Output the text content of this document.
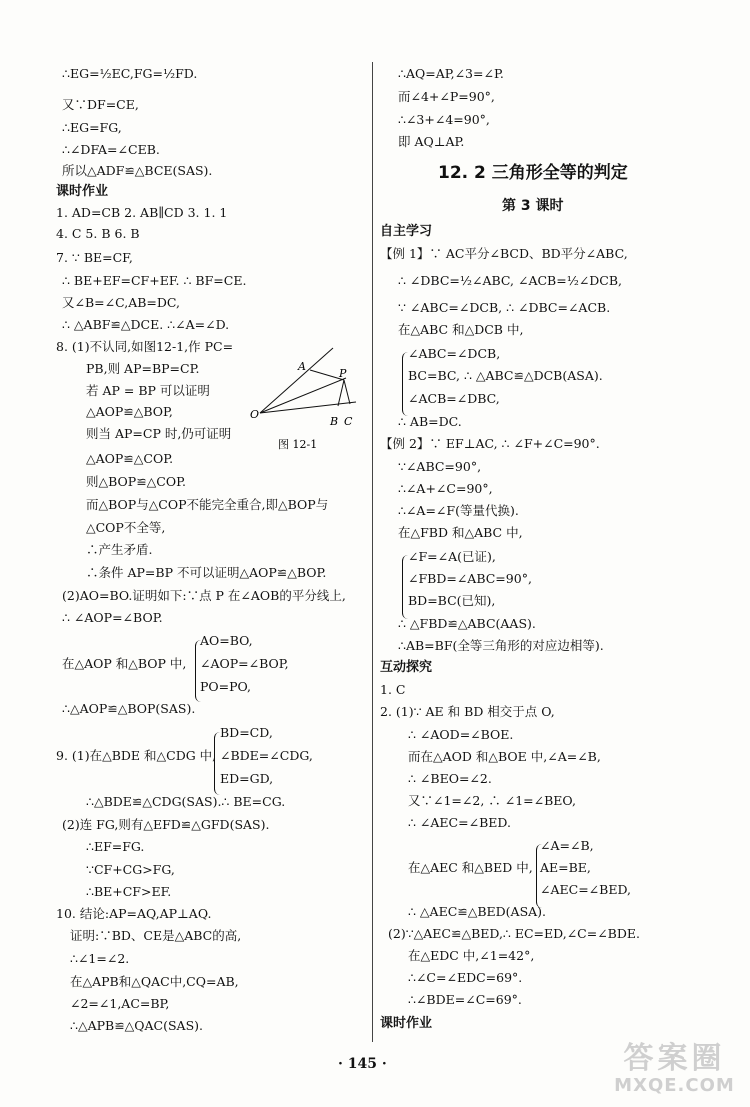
∴EG=½EC,FG=½FD.
又∵DF=CE,
∴EG=FG,
∴∠DFA=∠CEB.
所以△ADF≌△BCE(SAS).
课时作业
1. AD=CB 2. AB∥CD 3. 1. 1
4. C 5. B 6. B
7. ∵ BE=CF,
∴ BE+EF=CF+EF. ∴ BF=CE.
又∠B=∠C,AB=DC,
∴ △ABF≌△DCE. ∴∠A=∠D.
8. (1)不认同,如图12-1,作 PC=
PB,则 AP=BP=CP.
若 AP = BP 可以证明
△AOP≌△BOP,
则当 AP=CP 时,仍可证明
△AOP≌△COP.
则△BOP≌△COP.
而△BOP与△COP不能完全重合,即△BOP与
△COP不全等,
∴产生矛盾.
∴条件 AP=BP 不可以证明△AOP≌△BOP.
(2)AO=BO.证明如下:∵点 P 在∠AOB的平分线上,
∴ ∠AOP=∠BOP.
AO=BO,
在△AOP 和△BOP 中, ∠AOP=∠BOP,
PO=PO,
∴△AOP≌△BOP(SAS).
BD=CD,
9. (1)在△BDE 和△CDG 中, ∠BDE=∠CDG,
ED=GD,
∴△BDE≌△CDG(SAS).∴ BE=CG.
(2)连 FG,则有△EFD≌△GFD(SAS).
∴EF=FG.
∵CF+CG>FG,
∴BE+CF>EF.
10. 结论:AP=AQ,AP⊥AQ.
证明:∵BD、CE是△ABC的高,
∴∠1=∠2.
在△APB和△QAC中,CQ=AB,
∠2=∠1,AC=BP,
∴△APB≌△QAC(SAS).
∴AQ=AP,∠3=∠P.
而∠4+∠P=90°,
∴∠3+∠4=90°,
即 AQ⊥AP.
12. 2 三角形全等的判定
第 3 课时
自主学习
【例 1】∵ AC平分∠BCD、BD平分∠ABC,
∴ ∠DBC=½∠ABC, ∠ACB=½∠DCB,
∵ ∠ABC=∠DCB, ∴ ∠DBC=∠ACB.
在△ABC 和△DCB 中,
∠ABC=∠DCB,
BC=BC, ∴ △ABC≌△DCB(ASA).
∠ACB=∠DBC,
∴ AB=DC.
【例 2】∵ EF⊥AC, ∴ ∠F+∠C=90°.
∵∠ABC=90°,
∴∠A+∠C=90°,
∴∠A=∠F(等量代换).
在△FBD 和△ABC 中,
∠F=∠A(已证),
∠FBD=∠ABC=90°,
BD=BC(已知),
∴ △FBD≌△ABC(AAS).
∴AB=BF(全等三角形的对应边相等).
互动探究
1. C
2. (1)∵ AE 和 BD 相交于点 O,
∴ ∠AOD=∠BOE.
而在△AOD 和△BOE 中,∠A=∠B,
∴ ∠BEO=∠2.
又∵∠1=∠2, ∴ ∠1=∠BEO,
∴ ∠AEC=∠BED.
∠A=∠B,
在△AEC 和△BED 中, AE=BE,
∠AEC=∠BED,
∴ △AEC≌△BED(ASA).
(2)∵△AEC≌△BED,∴ EC=ED,∠C=∠BDE.
在△EDC 中,∠1=42°,
∴∠C=∠EDC=69°.
∴∠BDE=∠C=69°.
课时作业
O
A
P
B C
图 12-1
· 145 ·	答案圈
MXQE.COM
